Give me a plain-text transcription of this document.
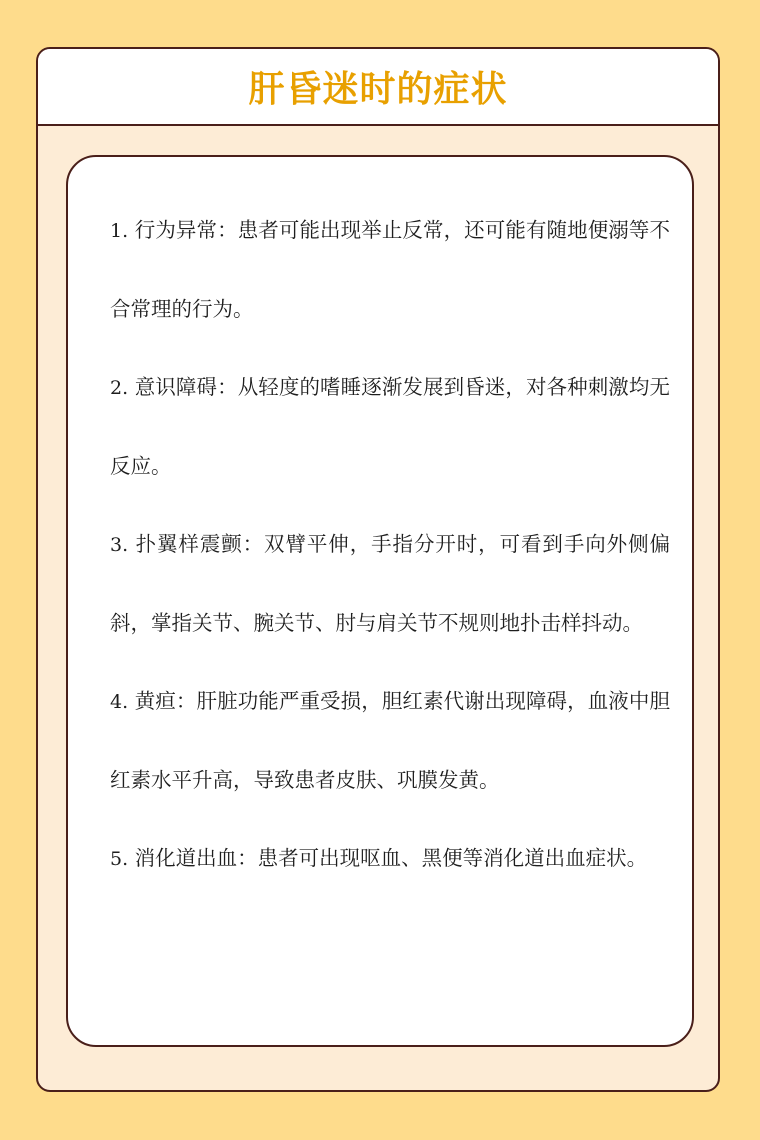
肝昏迷时的症状

1. 行为异常：患者可能出现举止反常，还可能有随地便溺等不合常理的行为。

2. 意识障碍：从轻度的嗜睡逐渐发展到昏迷，对各种刺激均无反应。

3. 扑翼样震颤：双臂平伸，手指分开时，可看到手向外侧偏斜，掌指关节、腕关节、肘与肩关节不规则地扑击样抖动。

4. 黄疸：肝脏功能严重受损，胆红素代谢出现障碍，血液中胆红素水平升高，导致患者皮肤、巩膜发黄。

5. 消化道出血：患者可出现呕血、黑便等消化道出血症状。
